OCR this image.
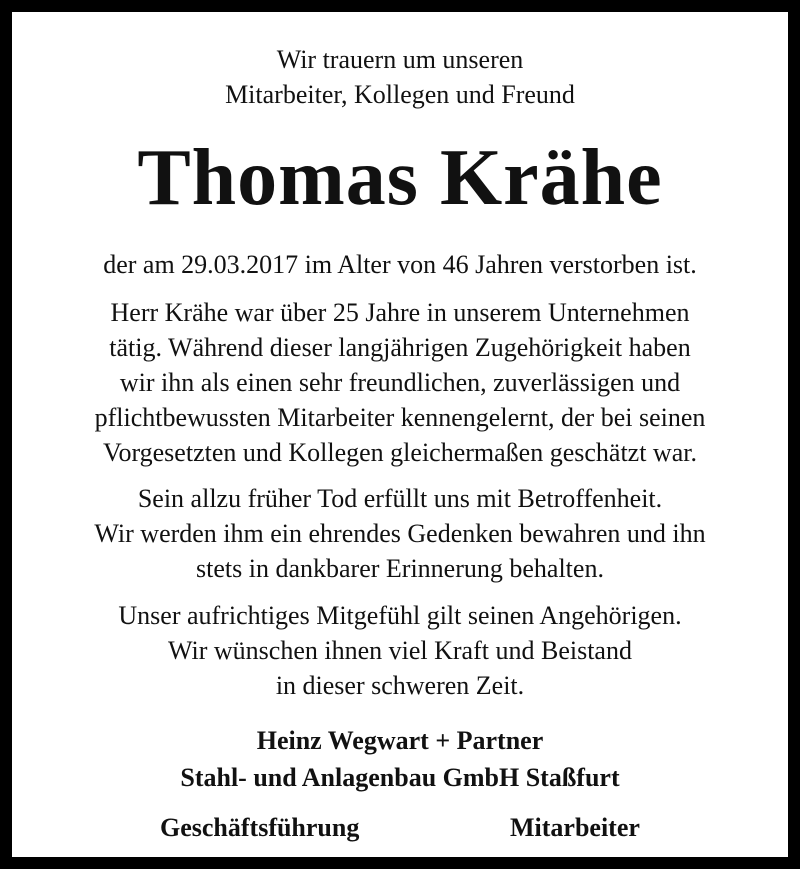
Wir trauern um unseren
Mitarbeiter, Kollegen und Freund
Thomas Krähe
der am 29.03.2017 im Alter von 46 Jahren verstorben ist.
Herr Krähe war über 25 Jahre in unserem Unternehmen
tätig. Während dieser langjährigen Zugehörigkeit haben
wir ihn als einen sehr freundlichen, zuverlässigen und
pflichtbewussten Mitarbeiter kennengelernt, der bei seinen
Vorgesetzten und Kollegen gleichermaßen geschätzt war.
Sein allzu früher Tod erfüllt uns mit Betroffenheit.
Wir werden ihm ein ehrendes Gedenken bewahren und ihn
stets in dankbarer Erinnerung behalten.
Unser aufrichtiges Mitgefühl gilt seinen Angehörigen.
Wir wünschen ihnen viel Kraft und Beistand
in dieser schweren Zeit.
Heinz Wegwart + Partner
Stahl- und Anlagenbau GmbH Staßfurt
Geschäftsführung	Mitarbeiter
